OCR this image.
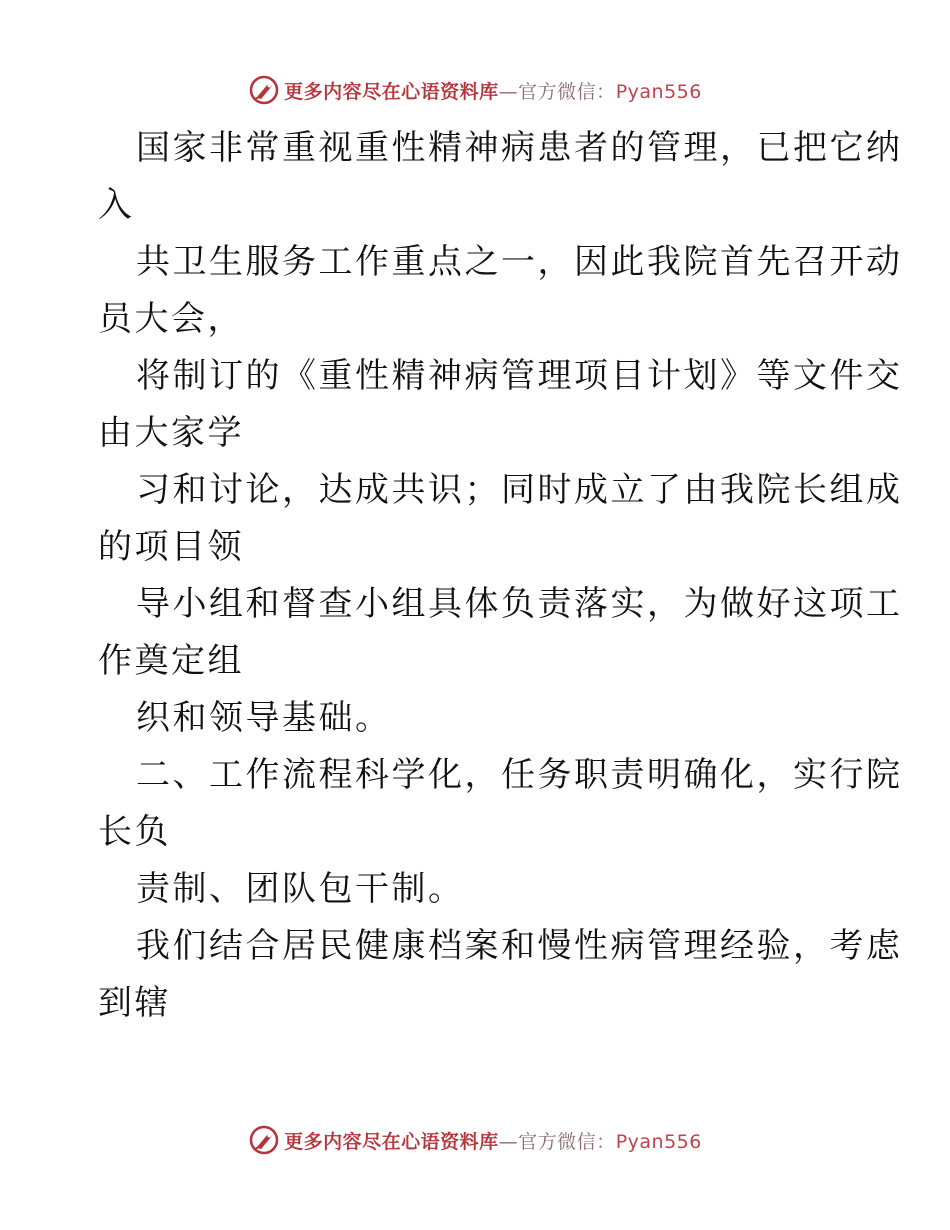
更多内容尽在心语资料库—官方微信：Pyan556
国家非常重视重性精神病患者的管理，已把它纳
入
共卫生服务工作重点之一，因此我院首先召开动
员大会，
将制订的《重性精神病管理项目计划》等文件交
由大家学
习和讨论，达成共识；同时成立了由我院长组成
的项目领
导小组和督查小组具体负责落实，为做好这项工
作奠定组
织和领导基础。
二、工作流程科学化，任务职责明确化，实行院
长负
责制、团队包干制。
我们结合居民健康档案和慢性病管理经验，考虑
到辖
更多内容尽在心语资料库—官方微信：Pyan556
